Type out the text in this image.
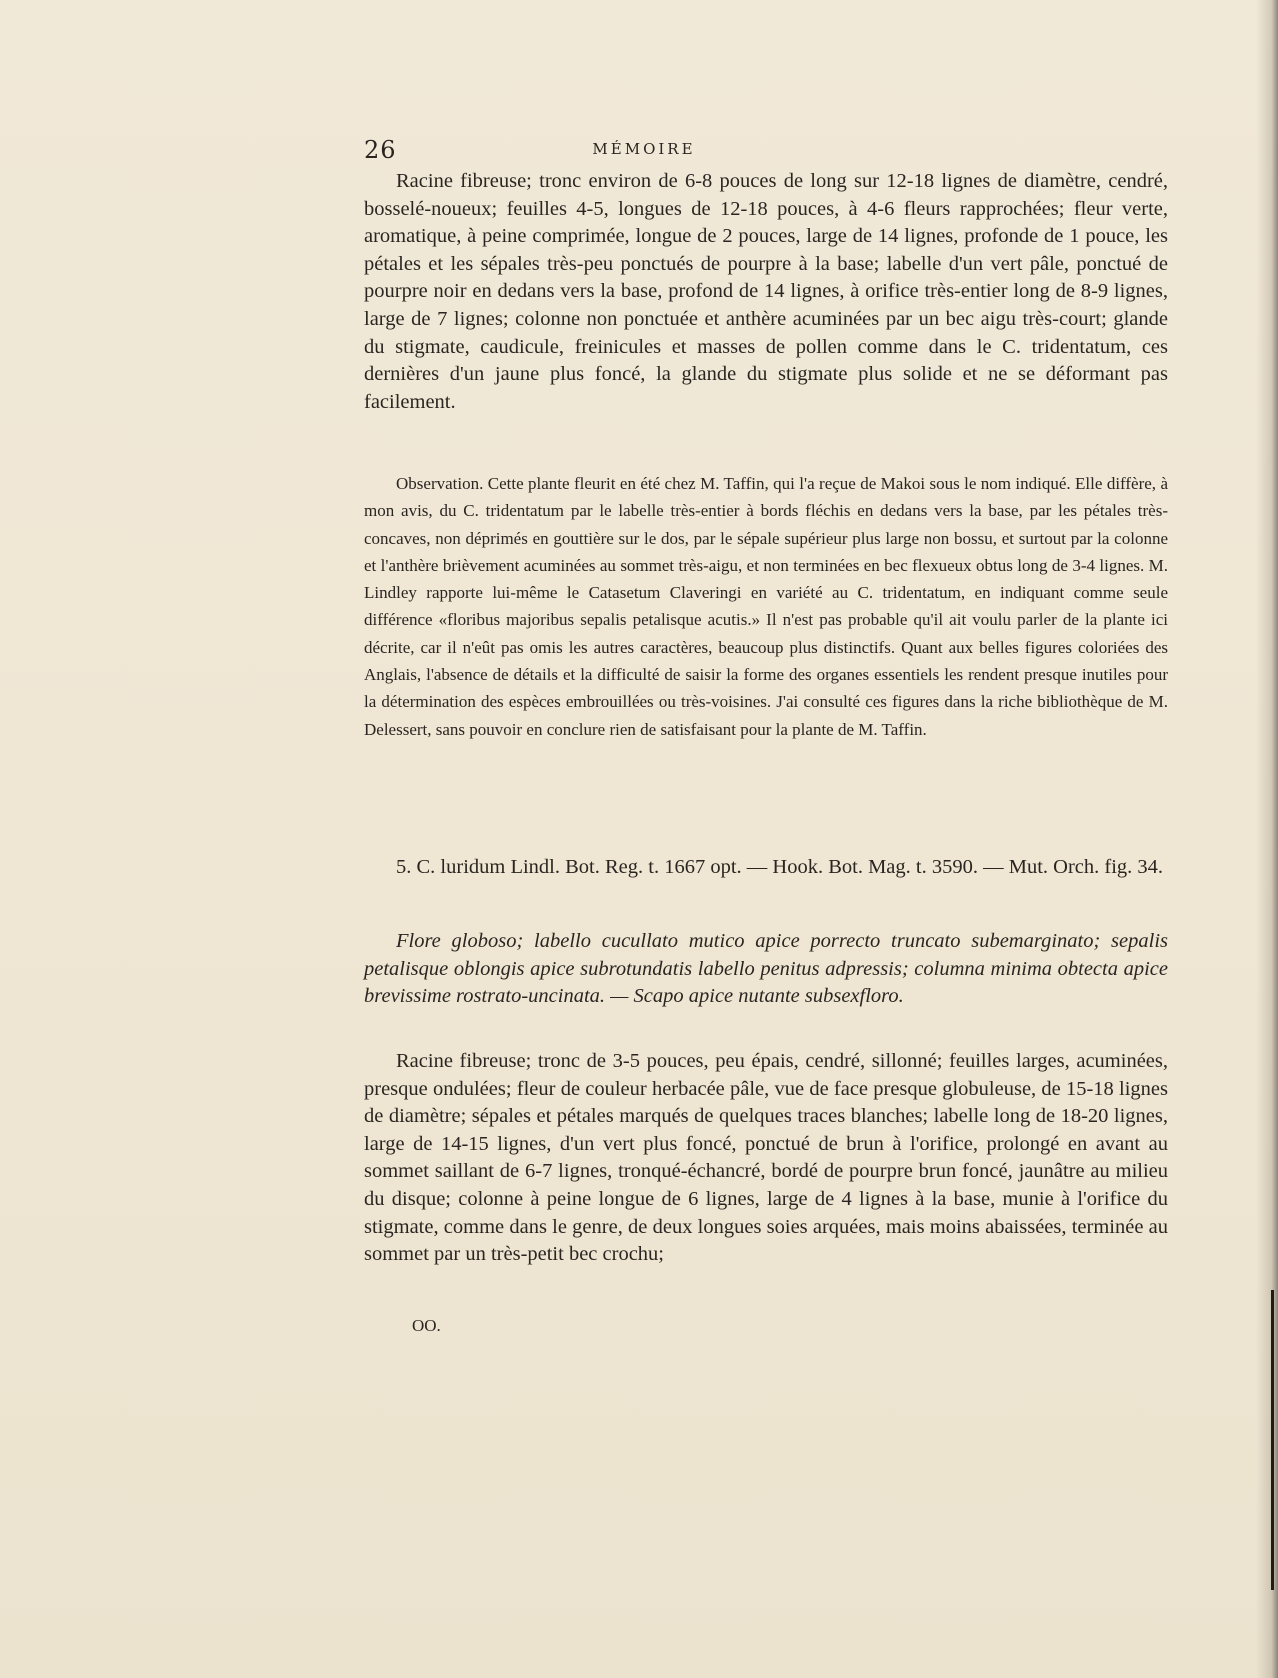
26	MÉMOIRE

Racine fibreuse; tronc environ de 6-8 pouces de long sur 12-18 lignes de diamètre, cendré, bosselé-noueux; feuilles 4-5, longues de 12-18 pouces, à 4-6 fleurs rapprochées; fleur verte, aromatique, à peine comprimée, longue de 2 pouces, large de 14 lignes, profonde de 1 pouce, les pétales et les sépales très-peu ponctués de pourpre à la base; labelle d'un vert pâle, ponctué de pourpre noir en dedans vers la base, profond de 14 lignes, à orifice très-entier long de 8-9 lignes, large de 7 lignes; colonne non ponctuée et anthère acuminées par un bec aigu très-court; glande du stigmate, caudicule, freinicules et masses de pollen comme dans le C. tridentatum, ces dernières d'un jaune plus foncé, la glande du stigmate plus solide et ne se déformant pas facilement.

Observation. Cette plante fleurit en été chez M. Taffin, qui l'a reçue de Makoi sous le nom indiqué. Elle diffère, à mon avis, du C. tridentatum par le labelle très-entier à bords fléchis en dedans vers la base, par les pétales très-concaves, non déprimés en gouttière sur le dos, par le sépale supérieur plus large non bossu, et surtout par la colonne et l'anthère brièvement acuminées au sommet très-aigu, et non terminées en bec flexueux obtus long de 3-4 lignes. M. Lindley rapporte lui-même le Catasetum Claveringi en variété au C. tridentatum, en indiquant comme seule différence «floribus majoribus sepalis petalisque acutis.» Il n'est pas probable qu'il ait voulu parler de la plante ici décrite, car il n'eût pas omis les autres caractères, beaucoup plus distinctifs. Quant aux belles figures coloriées des Anglais, l'absence de détails et la difficulté de saisir la forme des organes essentiels les rendent presque inutiles pour la détermination des espèces embrouillées ou très-voisines. J'ai consulté ces figures dans la riche bibliothèque de M. Delessert, sans pouvoir en conclure rien de satisfaisant pour la plante de M. Taffin.

5. C. luridum Lindl. Bot. Reg. t. 1667 opt. — Hook. Bot. Mag. t. 3590. — Mut. Orch. fig. 34.

Flore globoso; labello cucullato mutico apice porrecto truncato subemarginato; sepalis petalisque oblongis apice subrotundatis labello penitus adpressis; columna minima obtecta apice brevissime rostrato-uncinata. — Scapo apice nutante subsexfloro.

Racine fibreuse; tronc de 3-5 pouces, peu épais, cendré, sillonné; feuilles larges, acuminées, presque ondulées; fleur de couleur herbacée pâle, vue de face presque globuleuse, de 15-18 lignes de diamètre; sépales et pétales marqués de quelques traces blanches; labelle long de 18-20 lignes, large de 14-15 lignes, d'un vert plus foncé, ponctué de brun à l'orifice, prolongé en avant au sommet saillant de 6-7 lignes, tronqué-échancré, bordé de pourpre brun foncé, jaunâtre au milieu du disque; colonne à peine longue de 6 lignes, large de 4 lignes à la base, munie à l'orifice du stigmate, comme dans le genre, de deux longues soies arquées, mais moins abaissées, terminée au sommet par un très-petit bec crochu;

OO.
